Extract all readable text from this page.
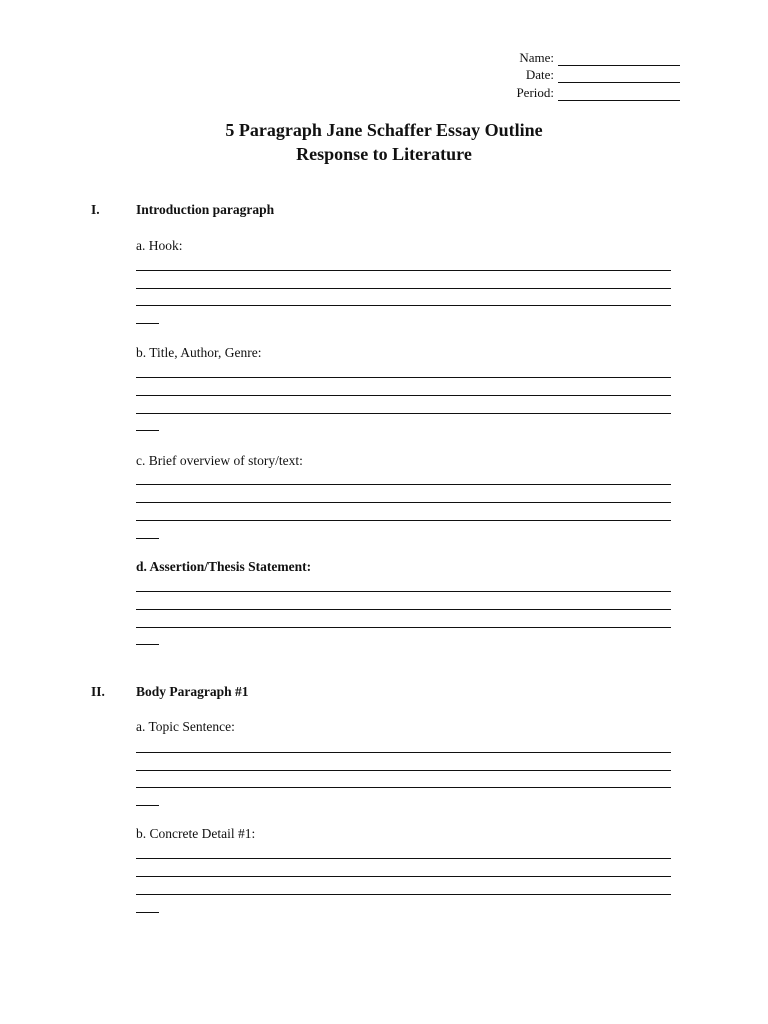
Name:
Date:
Period:
5 Paragraph Jane Schaffer Essay Outline
Response to Literature
I.	Introduction paragraph
a. Hook:
b. Title, Author, Genre:
c. Brief overview of story/text:
d. Assertion/Thesis Statement:
II.	Body Paragraph #1
a. Topic Sentence:
b. Concrete Detail #1:
